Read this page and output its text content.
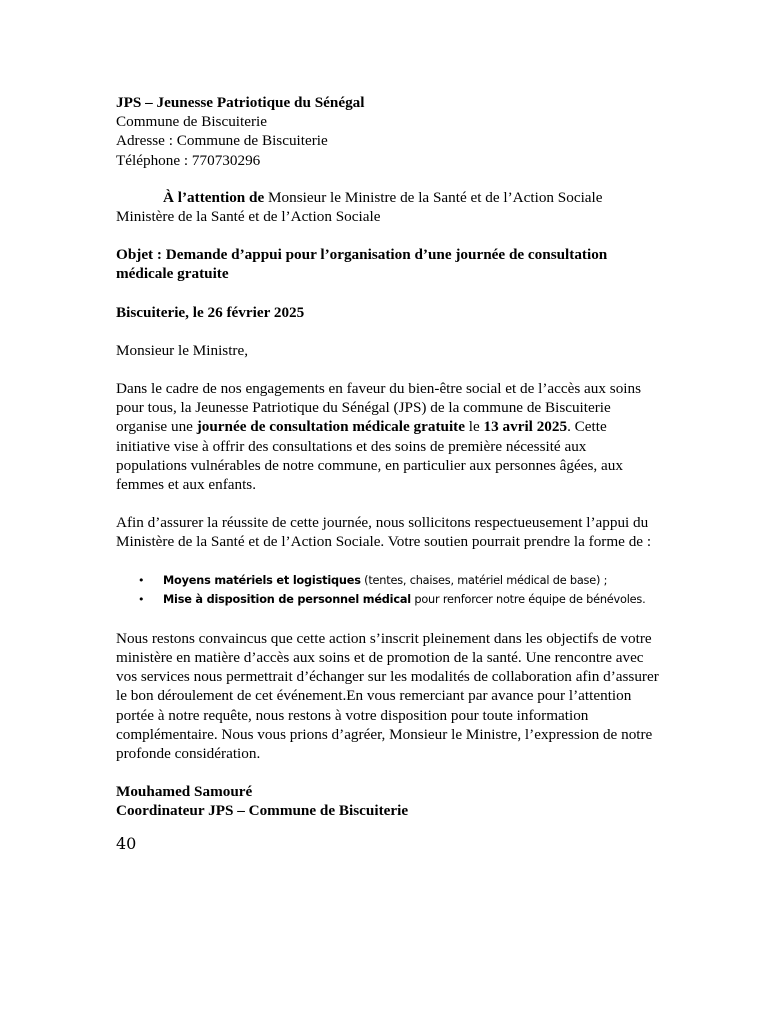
JPS – Jeunesse Patriotique du Sénégal

Commune de Biscuiterie

Adresse : Commune de Biscuiterie

Téléphone : 770730296

À l’attention de Monsieur le Ministre de la Santé et de l’Action Sociale

Ministère de la Santé et de l’Action Sociale

Objet : Demande d’appui pour l’organisation d’une journée de consultation médicale gratuite

Biscuiterie, le 26 février 2025

Monsieur le Ministre,

Dans le cadre de nos engagements en faveur du bien-être social et de l’accès aux soins pour tous, la Jeunesse Patriotique du Sénégal (JPS) de la commune de Biscuiterie organise une journée de consultation médicale gratuite le 13 avril 2025. Cette initiative vise à offrir des consultations et des soins de première nécessité aux populations vulnérables de notre commune, en particulier aux personnes âgées, aux femmes et aux enfants.

Afin d’assurer la réussite de cette journée, nous sollicitons respectueusement l’appui du Ministère de la Santé et de l’Action Sociale. Votre soutien pourrait prendre la forme de :

• Moyens matériels et logistiques (tentes, chaises, matériel médical de base) ;
• Mise à disposition de personnel médical pour renforcer notre équipe de bénévoles.

Nous restons convaincus que cette action s’inscrit pleinement dans les objectifs de votre ministère en matière d’accès aux soins et de promotion de la santé. Une rencontre avec vos services nous permettrait d’échanger sur les modalités de collaboration afin d’assurer le bon déroulement de cet événement.En vous remerciant par avance pour l’attention portée à notre requête, nous restons à votre disposition pour toute information complémentaire. Nous vous prions d’agréer, Monsieur le Ministre, l’expression de notre profonde considération.

Mouhamed Samouré

Coordinateur JPS – Commune de Biscuiterie

40
